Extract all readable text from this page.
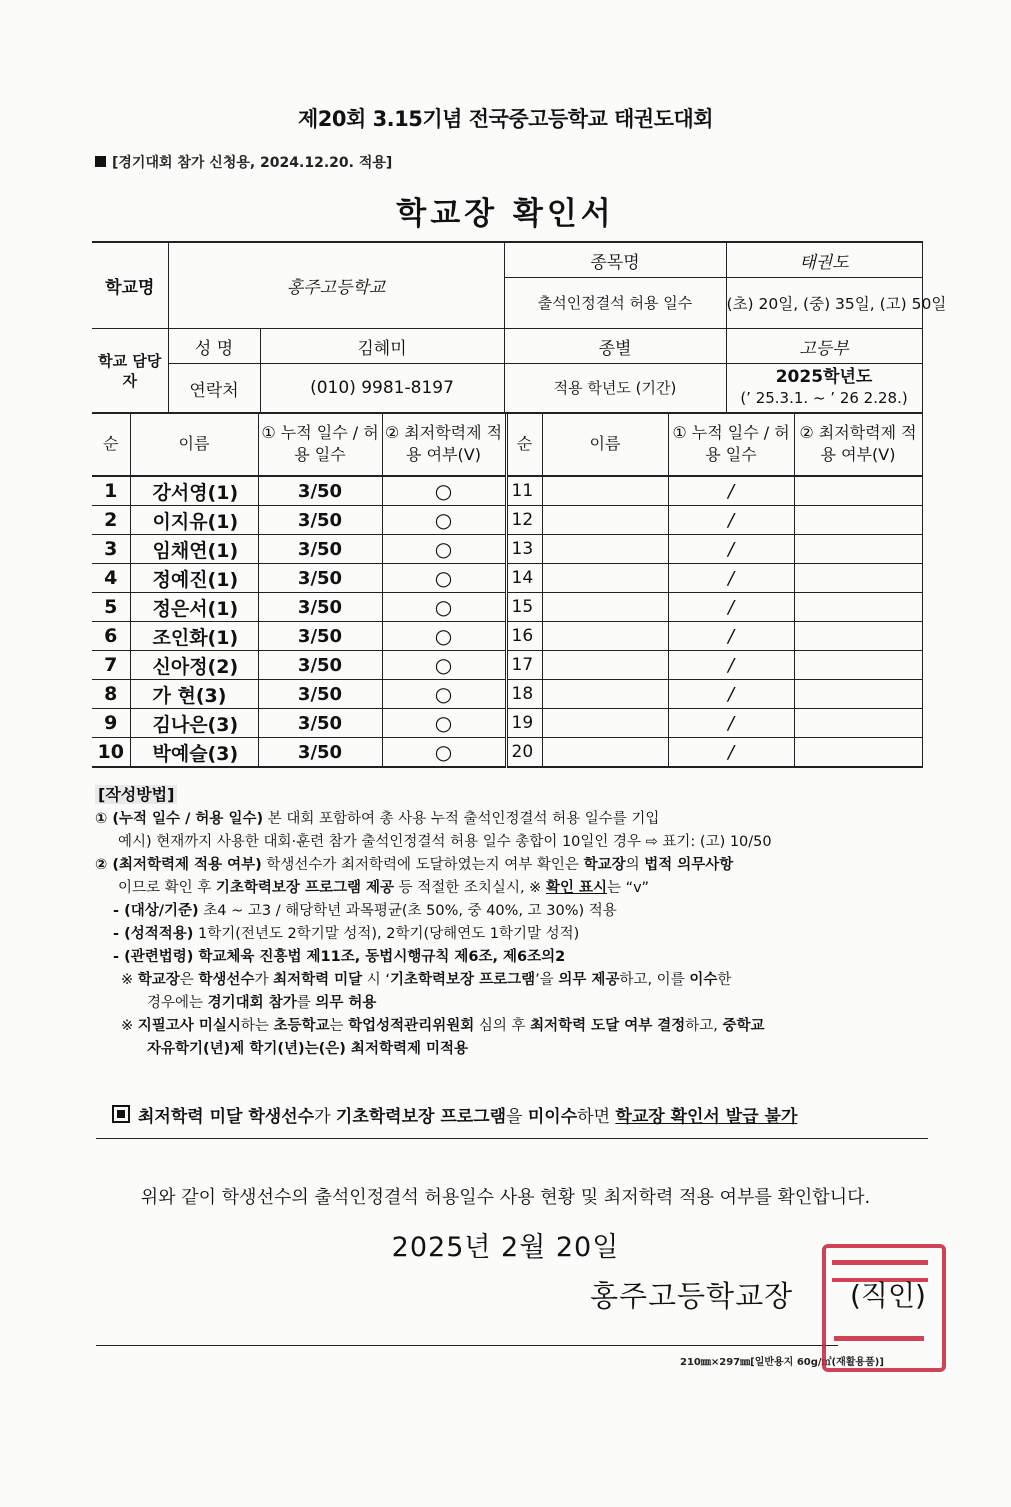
제20회 3.15기념 전국중고등학교 태권도대회
[경기대회 참가 신청용, 2024.12.20. 적용]
학교장 확인서
학교명	홍주고등학교		종목명	태권도
			출석인정결석 허용 일수	(초) 20일, (중) 35일, (고) 50일
학교 담당자	성 명	김혜미	종별	고등부
	연락처	(010) 9981-8197	적용 학년도 (기간)	2025학년도
(’ 25.3.1. ~ ’ 26 2.28.)
순	이름	① 누적 일수 / 허용 일수	② 최저학력제 적용 여부(V)	순	이름	① 누적 일수 / 허용 일수	② 최저학력제 적용 여부(V)
1	강서영(1)	3/50	○	11		/	
2	이지유(1)	3/50	○	12		/	
3	임채연(1)	3/50	○	13		/	
4	정예진(1)	3/50	○	14		/	
5	정은서(1)	3/50	○	15		/	
6	조인화(1)	3/50	○	16		/	
7	신아정(2)	3/50	○	17		/	
8	가 현(3)	3/50	○	18		/	
9	김나은(3)	3/50	○	19		/	
10	박예슬(3)	3/50	○	20		/	
[작성방법]
① (누적 일수 / 허용 일수) 본 대회 포함하여 총 사용 누적 출석인정결석 허용 일수를 기입
예시) 현재까지 사용한 대회·훈련 참가 출석인정결석 허용 일수 총합이 10일인 경우 ⇨ 표기: (고) 10/50
② (최저학력제 적용 여부) 학생선수가 최저학력에 도달하였는지 여부 확인은 학교장의 법적 의무사항
이므로 확인 후 기초학력보장 프로그램 제공 등 적절한 조치실시, ※ 확인 표시는 “v”
- (대상/기준) 초4 ~ 고3 / 해당학년 과목평균(초 50%, 중 40%, 고 30%) 적용
- (성적적용) 1학기(전년도 2학기말 성적), 2학기(당해연도 1학기말 성적)
- (관련법령) 학교체육 진흥법 제11조, 동법시행규칙 제6조, 제6조의2
※ 학교장은 학생선수가 최저학력 미달 시 ‘기초학력보장 프로그램’을 의무 제공하고, 이를 이수한
경우에는 경기대회 참가를 의무 허용
※ 지필고사 미실시하는 초등학교는 학업성적관리위원회 심의 후 최저학력 도달 여부 결정하고, 중학교
자유학기(년)제 학기(년)는(은) 최저학력제 미적용
최저학력 미달 학생선수가 기초학력보장 프로그램을 미이수하면 학교장 확인서 발급 불가
위와 같이 학생선수의 출석인정결석 허용일수 사용 현황 및 최저학력 적용 여부를 확인합니다.
2025년 2월 20일
홍주고등학교장 (직인)
210㎜×297㎜[일반용지 60g/㎡(재활용품)]
